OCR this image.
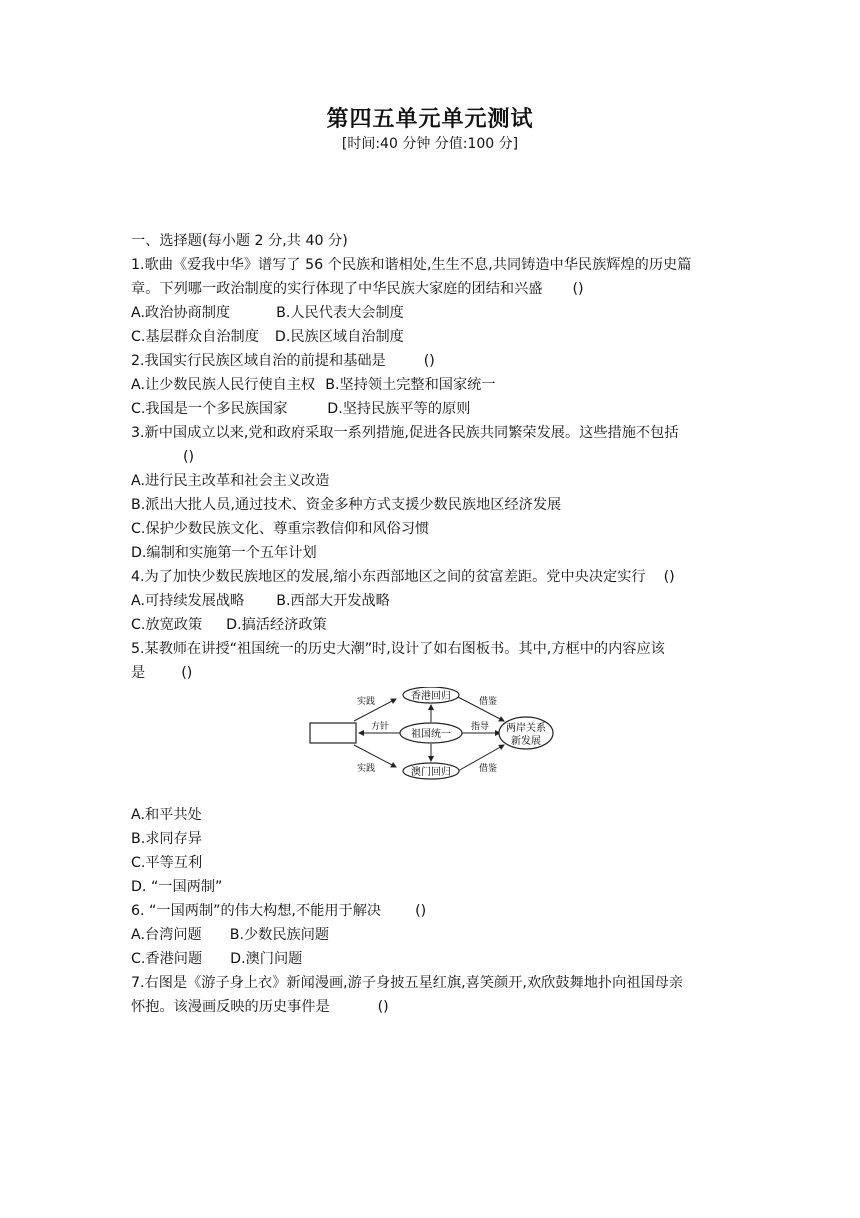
第四五单元单元测试
[时间:40 分钟 分值:100 分]
一、选择题(每小题 2 分,共 40 分)
1.歌曲《爱我中华》谱写了 56 个民族和谐相处,生生不息,共同铸造中华民族辉煌的历史篇
章。下列哪一政治制度的实行体现了中华民族大家庭的团结和兴盛 ()
A.政治协商制度	B.人民代表大会制度
C.基层群众自治制度 D.民族区域自治制度
2.我国实行民族区域自治的前提和基础是	()
A.让少数民族人民行使自主权 B.坚持领土完整和国家统一
C.我国是一个多民族国家	D.坚持民族平等的原则
3.新中国成立以来,党和政府采取一系列措施,促进各民族共同繁荣发展。这些措施不包括
()
A.进行民主改革和社会主义改造
B.派出大批人员,通过技术、资金多种方式支援少数民族地区经济发展
C.保护少数民族文化、尊重宗教信仰和风俗习惯
D.编制和实施第一个五年计划
4.为了加快少数民族地区的发展,缩小东西部地区之间的贫富差距。党中央决定实行 ()
A.可持续发展战略 B.西部大开发战略
C.放宽政策 D.搞活经济政策
5.某教师在讲授“祖国统一的历史大潮”时,设计了如右图板书。其中,方框中的内容应该
是	()
香港回归
祖国统一
澳门回归
两岸关系
新发展
实践
实践
方针	指导
借鉴
借鉴
A.和平共处
B.求同存异
C.平等互利
D. “一国两制”
6. “一国两制”的伟大构想,不能用于解决 ()
A.台湾问题 B.少数民族问题
C.香港问题 D.澳门问题
7.右图是《游子身上衣》新闻漫画,游子身披五星红旗,喜笑颜开,欢欣鼓舞地扑向祖国母亲
怀抱。该漫画反映的历史事件是	()
